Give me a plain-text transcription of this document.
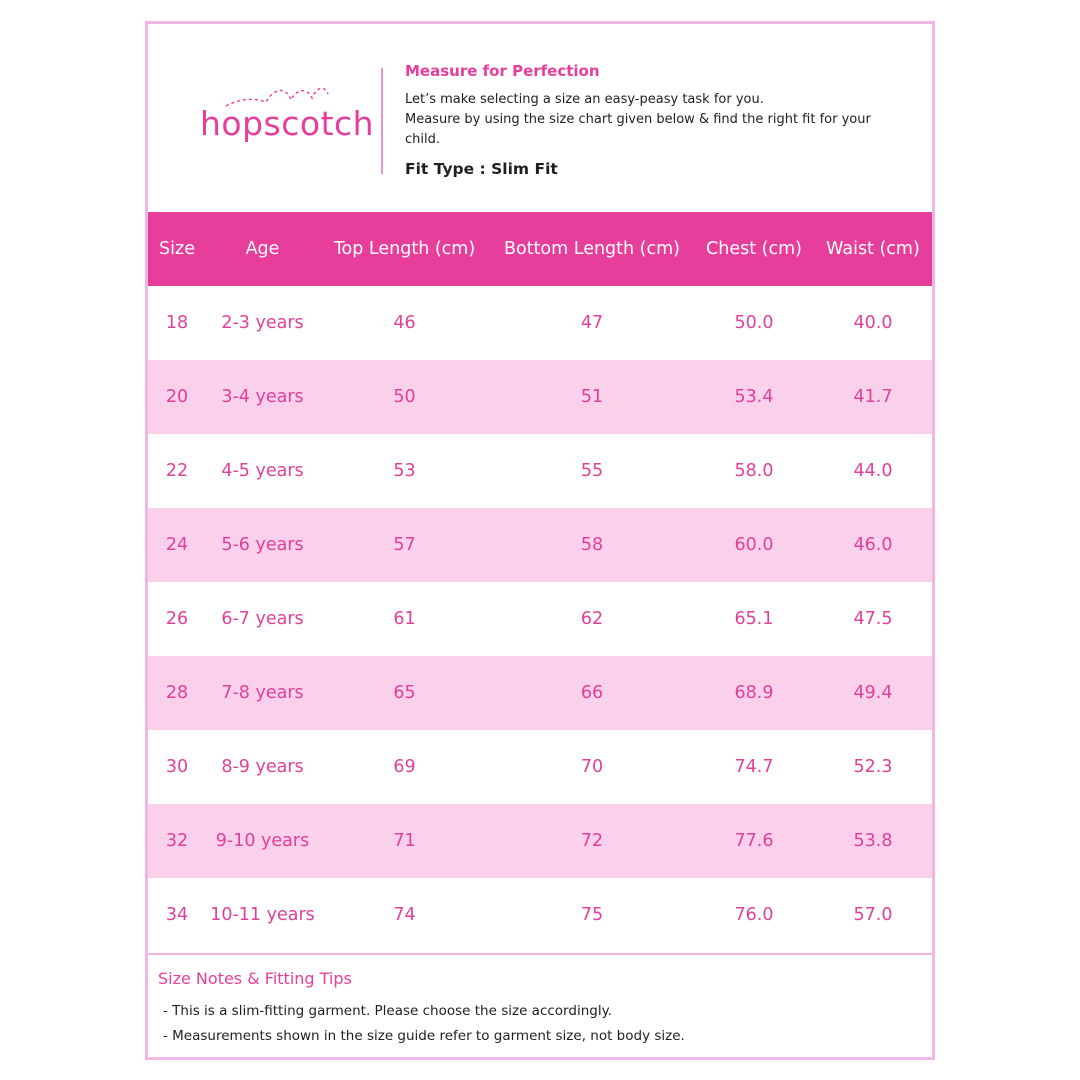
hopscotch

Measure for Perfection

Let’s make selecting a size an easy-peasy task for you.

Measure by using the size chart given below & find the right fit for your child.

Fit Type : Slim Fit
Size	Age	Top Length (cm)	Bottom Length (cm)	Chest (cm)	Waist (cm)
18	2-3 years	46	47	50.0	40.0
20	3-4 years	50	51	53.4	41.7
22	4-5 years	53	55	58.0	44.0
24	5-6 years	57	58	60.0	46.0
26	6-7 years	61	62	65.1	47.5
28	7-8 years	65	66	68.9	49.4
30	8-9 years	69	70	74.7	52.3
32	9-10 years	71	72	77.6	53.8
34	10-11 years	74	75	76.0	57.0
Size Notes & Fitting Tips
- This is a slim-fitting garment. Please choose the size accordingly.
- Measurements shown in the size guide refer to garment size, not body size.
